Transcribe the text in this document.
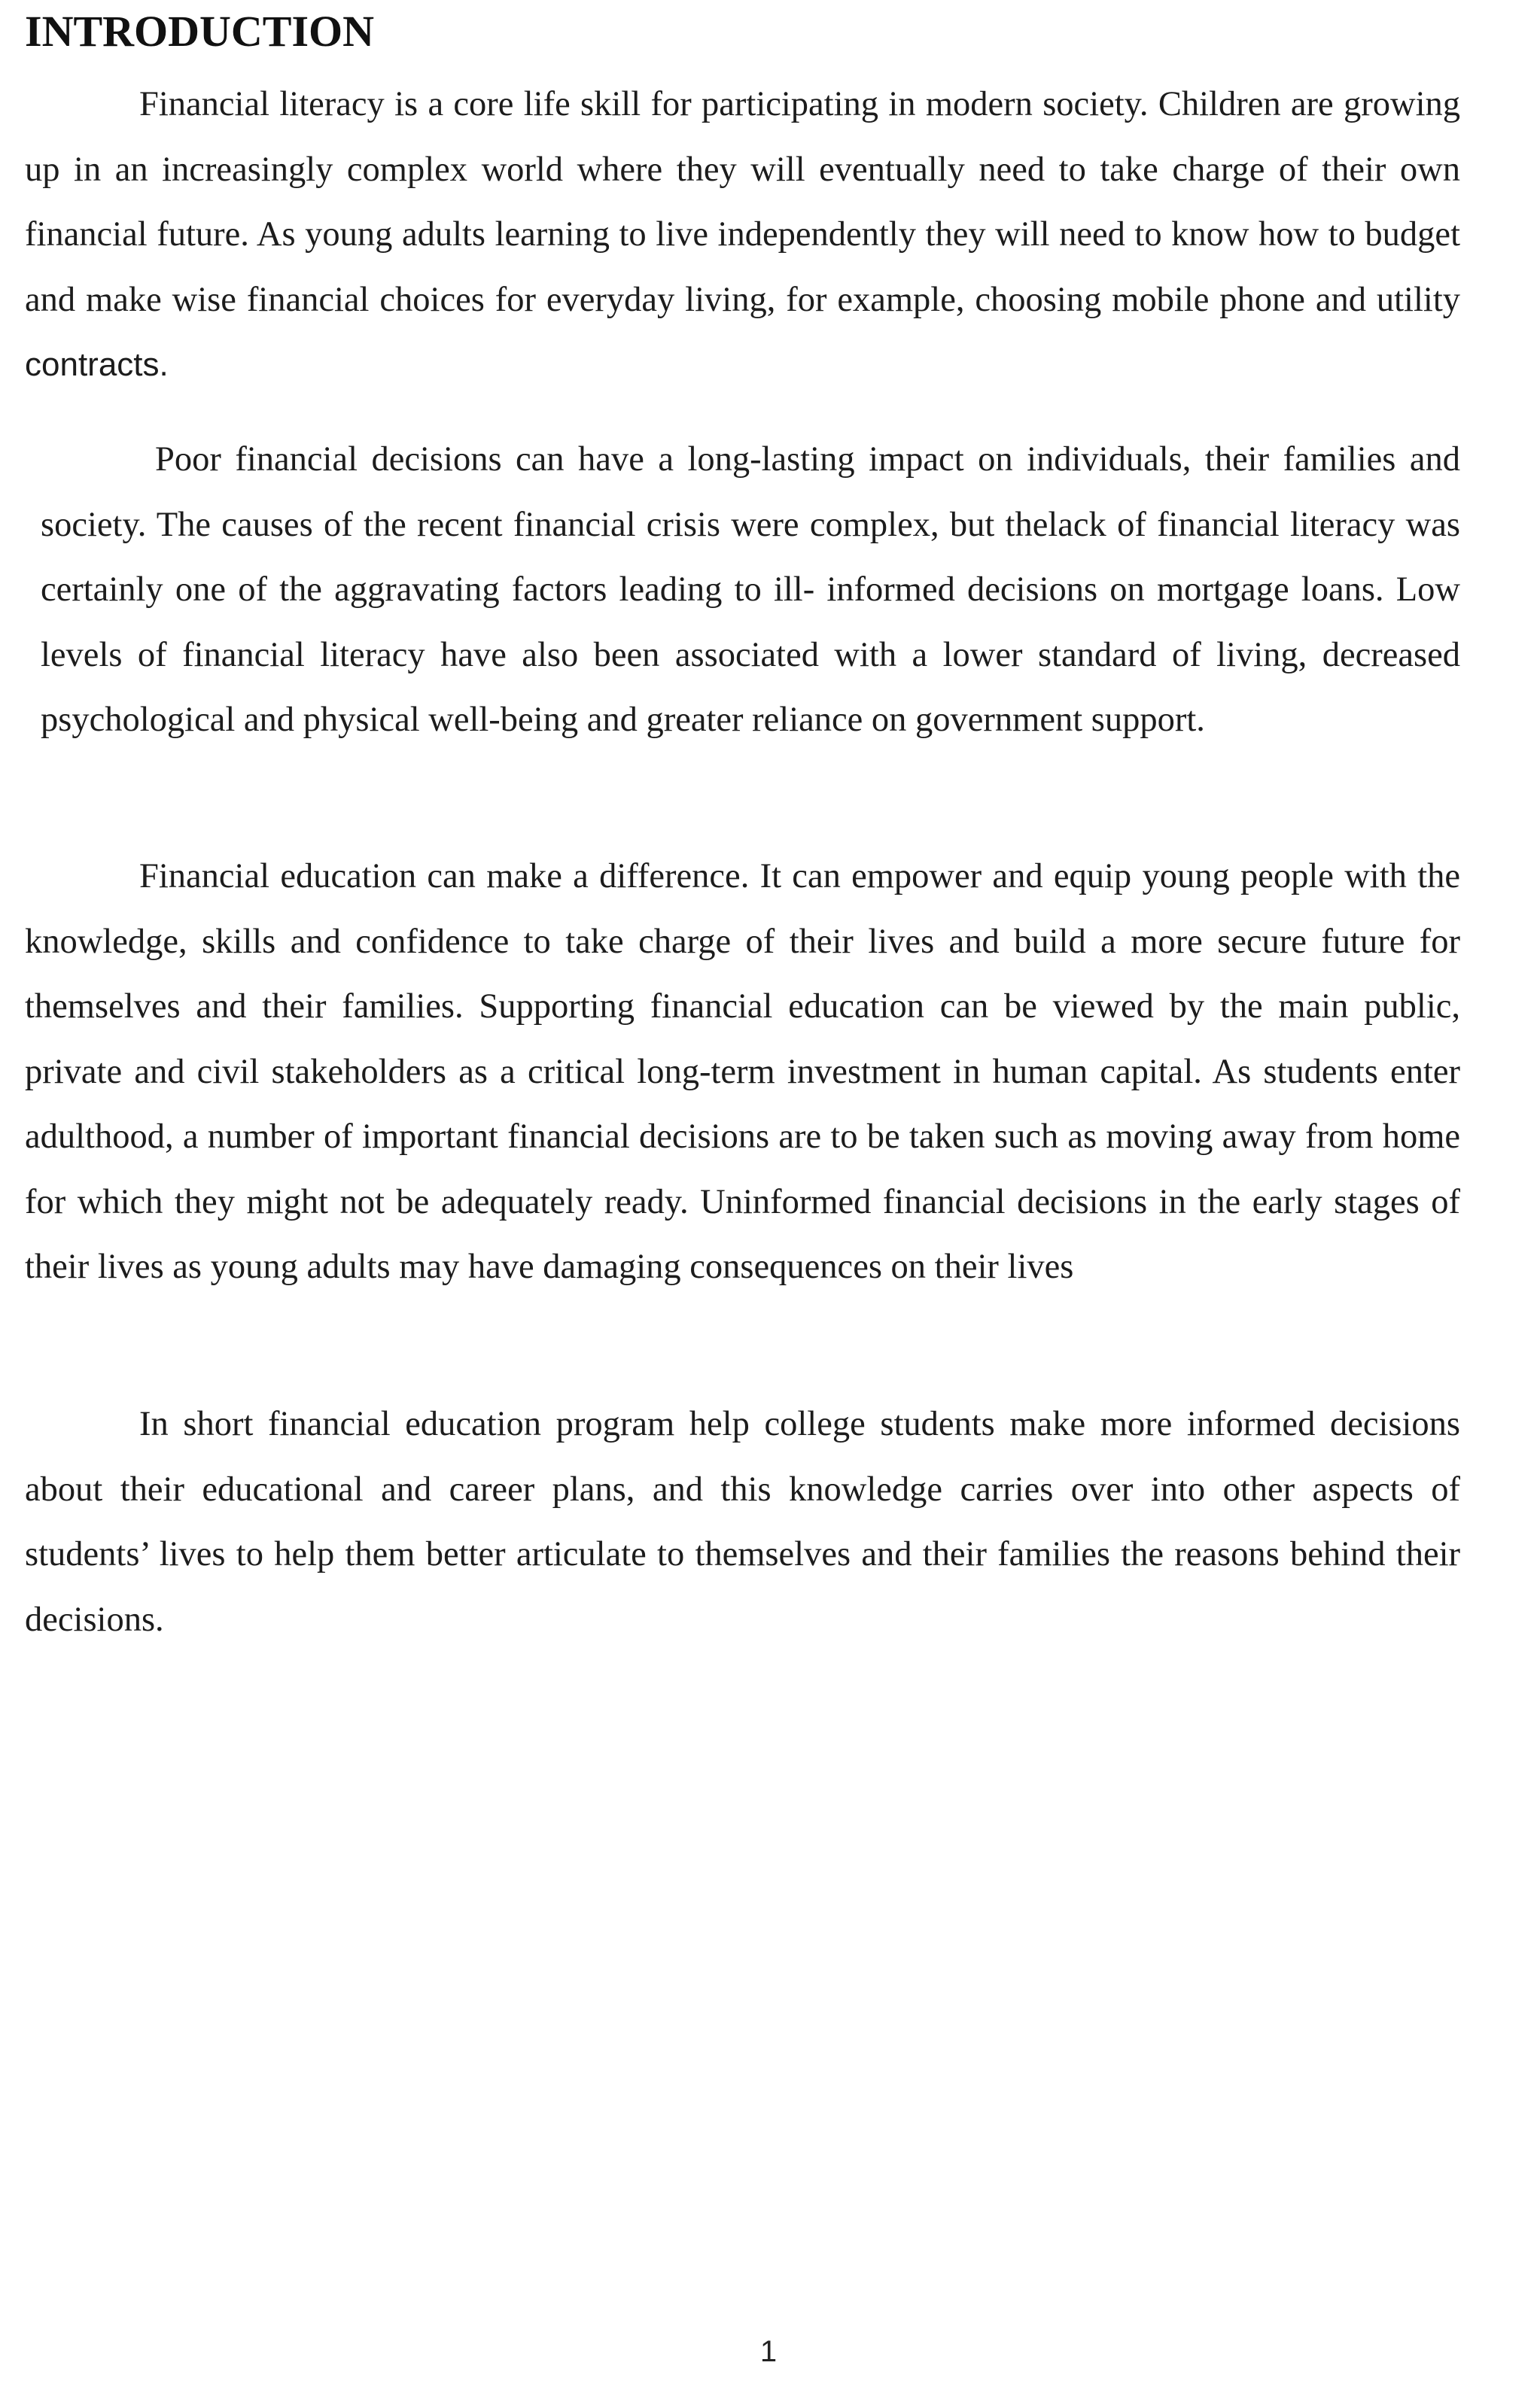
INTRODUCTION

Financial literacy is a core life skill for participating in modern society. Children are growing up in an increasingly complex world where they will eventually need to take charge of their own financial future. As young adults learning to live independently they will need to know how to budget and make wise financial choices for everyday living, for example, choosing mobile phone and utility contracts.

Poor financial decisions can have a long-lasting impact on individuals, their families and society. The causes of the recent financial crisis were complex, but thelack of financial literacy was certainly one of the aggravating factors leading to ill- informed decisions on mortgage loans. Low levels of financial literacy have also been associated with a lower standard of living, decreased psychological and physical well-being and greater reliance on government support.

Financial education can make a difference. It can empower and equip young people with the knowledge, skills and confidence to take charge of their lives and build a more secure future for themselves and their families. Supporting financial education can be viewed by the main public, private and civil stakeholders as a critical long-term investment in human capital. As students enter adulthood, a number of important financial decisions are to be taken such as moving away from home for which they might not be adequately ready. Uninformed financial decisions in the early stages of their lives as young adults may have damaging consequences on their lives

In short financial education program help college students make more informed decisions about their educational and career plans, and this knowledge carries over into other aspects of students’ lives to help them better articulate to themselves and their families the reasons behind their decisions.

1
